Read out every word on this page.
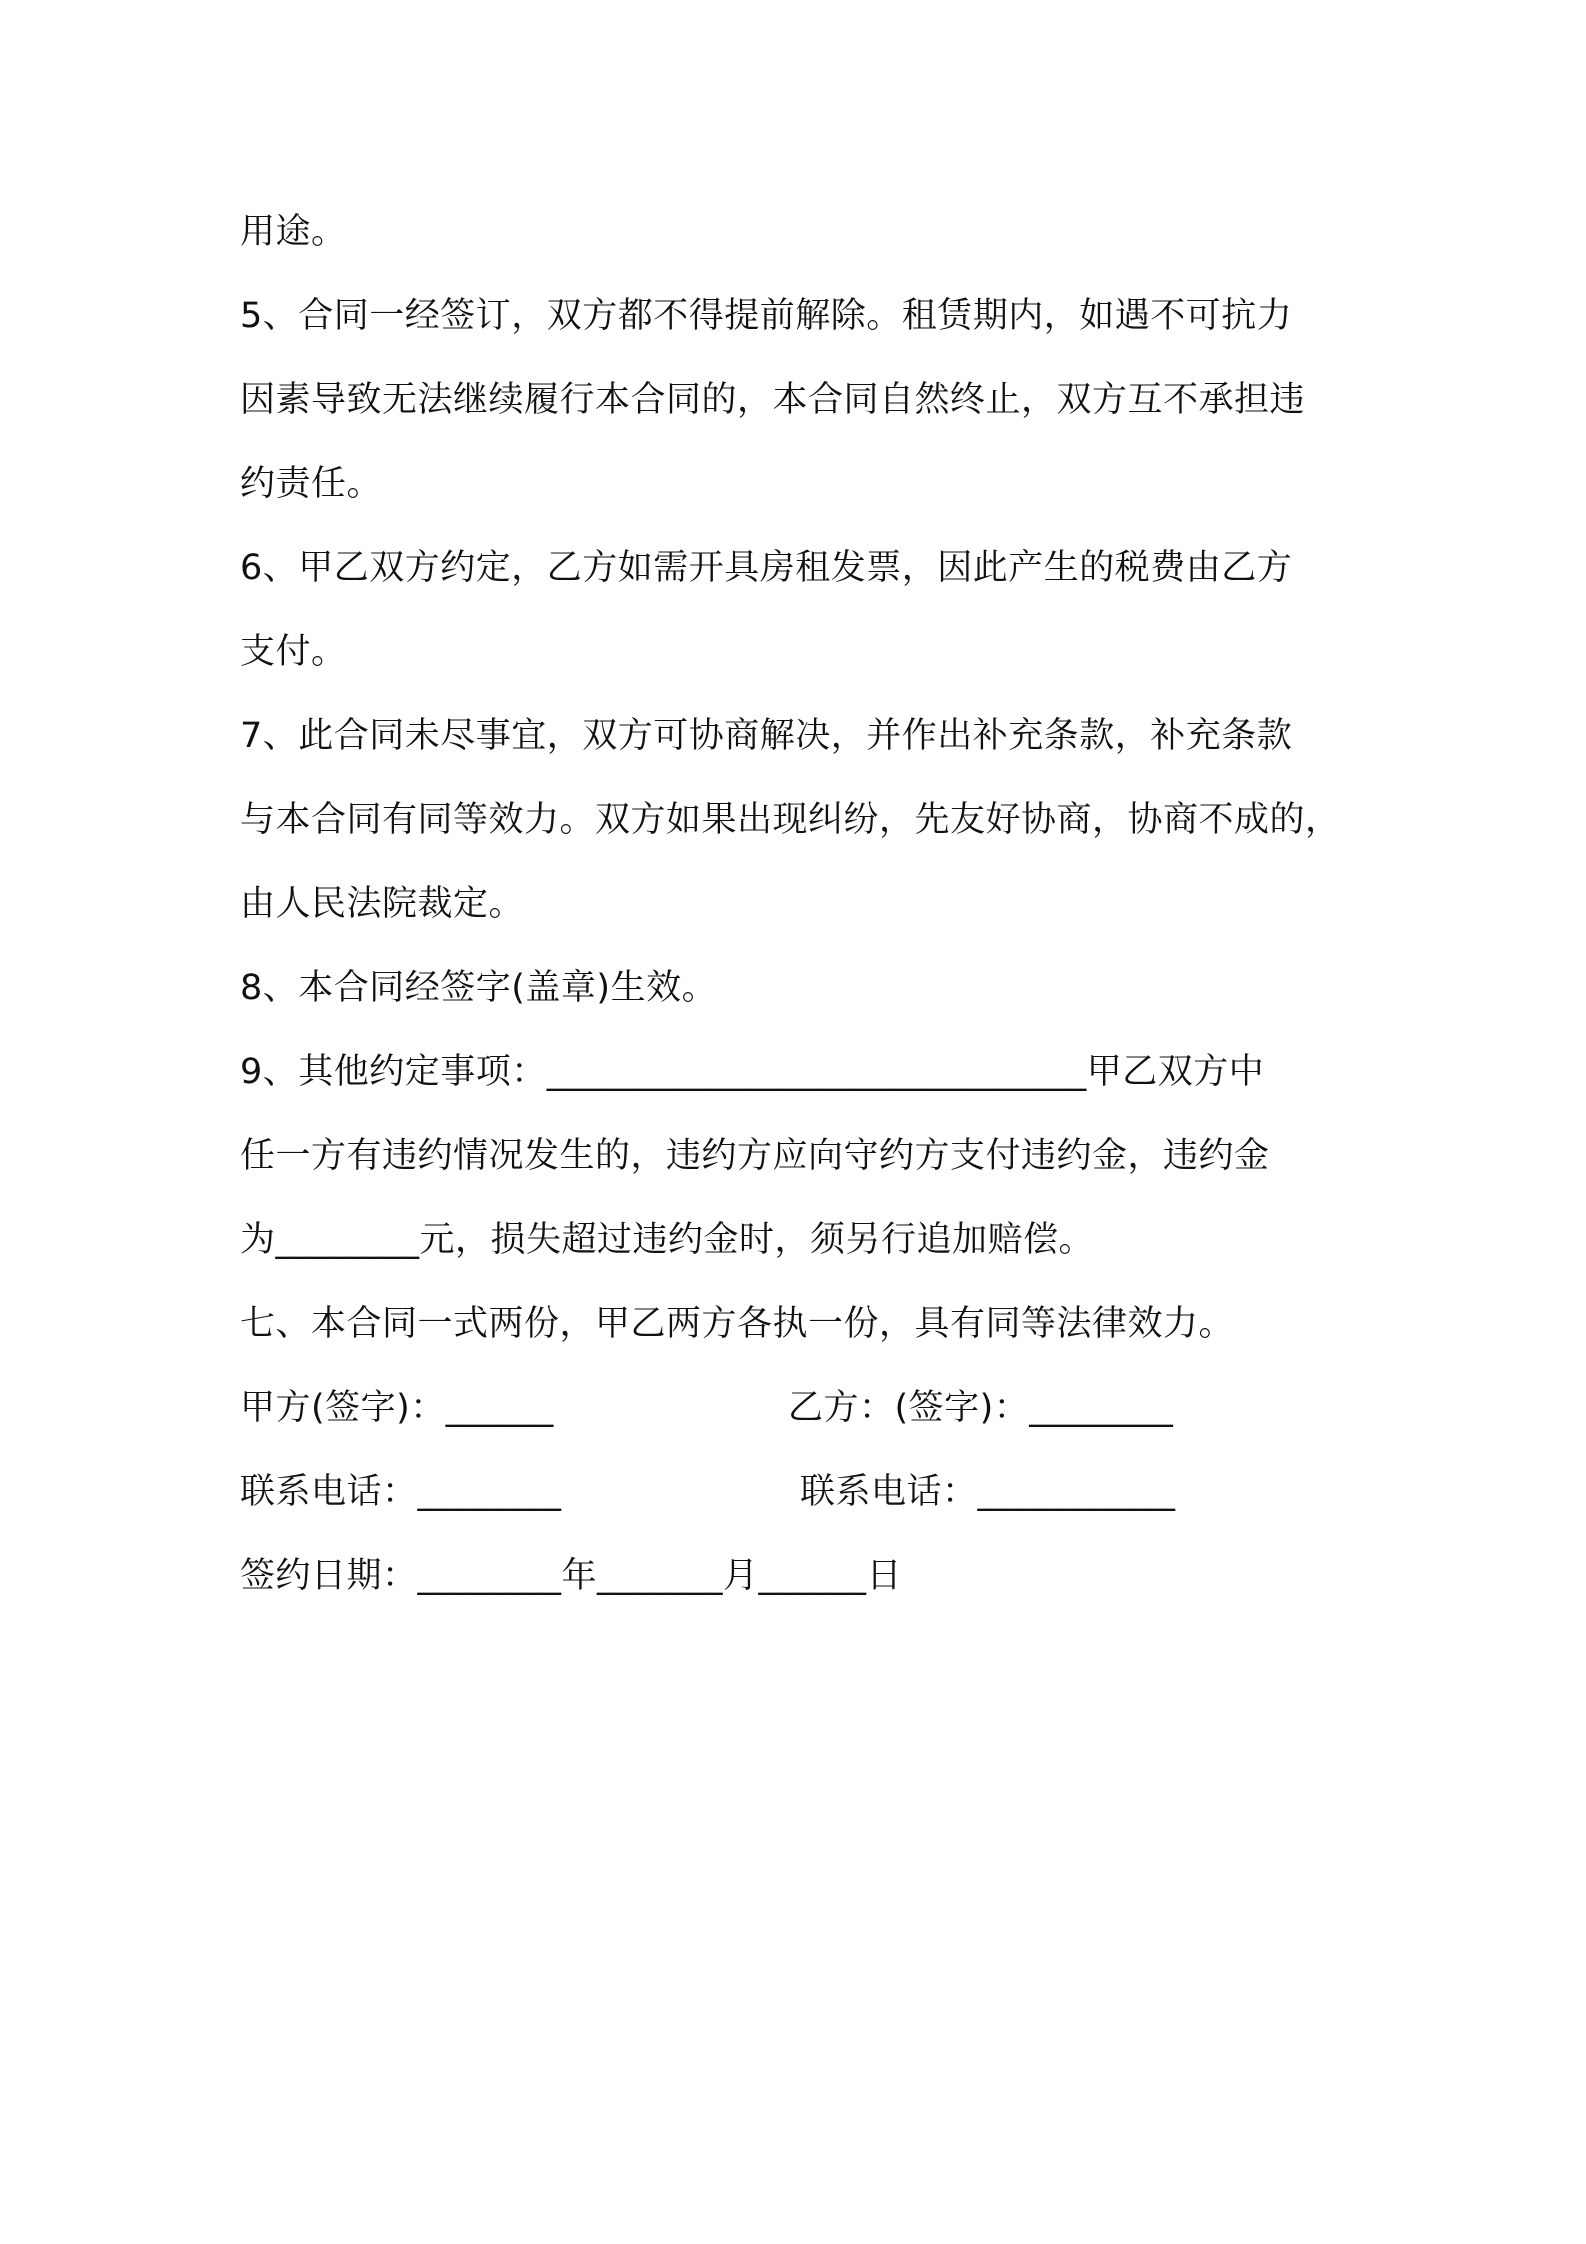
用途。
5、合同一经签订，双方都不得提前解除。租赁期内，如遇不可抗力
因素导致无法继续履行本合同的，本合同自然终止，双方互不承担违
约责任。
6、甲乙双方约定，乙方如需开具房租发票，因此产生的税费由乙方
支付。
7、此合同未尽事宜，双方可协商解决，并作出补充条款，补充条款
与本合同有同等效力。双方如果出现纠纷，先友好协商，协商不成的，
由人民法院裁定。
8、本合同经签字(盖章)生效。
9、其他约定事项：______________________________甲乙双方中
任一方有违约情况发生的，违约方应向守约方支付违约金，违约金
为________元，损失超过违约金时，须另行追加赔偿。
七、本合同一式两份，甲乙两方各执一份，具有同等法律效力。

甲方(签字)：______

	乙方：(签字)：________

联系电话：________

	联系电话：___________

签约日期：________年_______月______日
